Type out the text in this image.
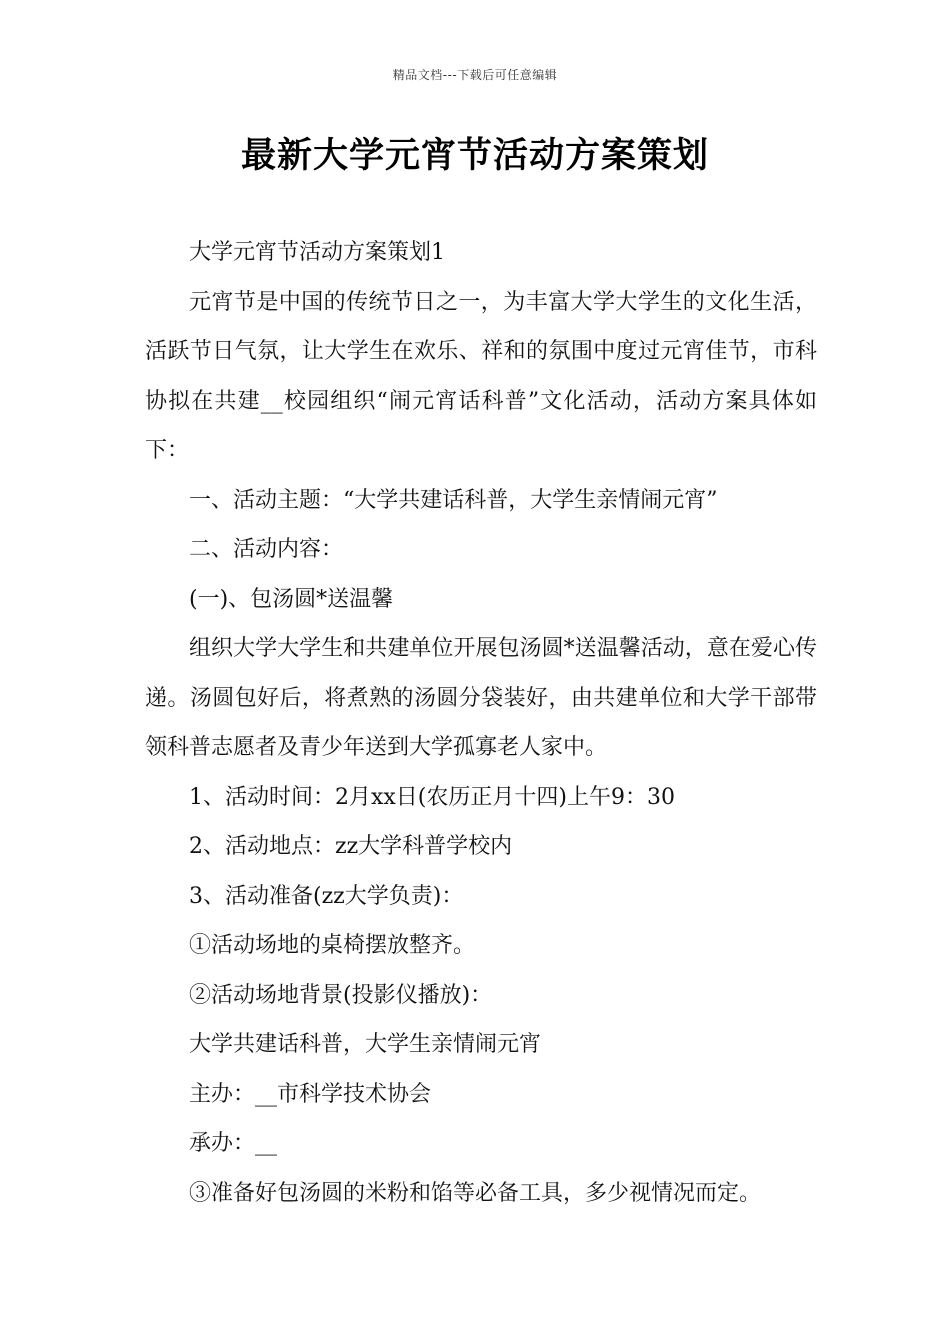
精品文档---下载后可任意编辑
最新大学元宵节活动方案策划

大学元宵节活动方案策划1

元宵节是中国的传统节日之一，为丰富大学大学生的文化生活，活跃节日气氛，让大学生在欢乐、祥和的氛围中度过元宵佳节，市科协拟在共建__校园组织“闹元宵话科普”文化活动，活动方案具体如下：

一、活动主题：“大学共建话科普，大学生亲情闹元宵”

二、活动内容：

(一)、包汤圆*送温馨

组织大学大学生和共建单位开展包汤圆*送温馨活动，意在爱心传递。汤圆包好后，将煮熟的汤圆分袋装好，由共建单位和大学干部带领科普志愿者及青少年送到大学孤寡老人家中。

1、活动时间：2月xx日(农历正月十四)上午9：30

2、活动地点：zz大学科普学校内

3、活动准备(zz大学负责)：

①活动场地的桌椅摆放整齐。

②活动场地背景(投影仪播放)：

大学共建话科普，大学生亲情闹元宵

主办：__市科学技术协会

承办：__

③准备好包汤圆的米粉和馅等必备工具，多少视情况而定。
